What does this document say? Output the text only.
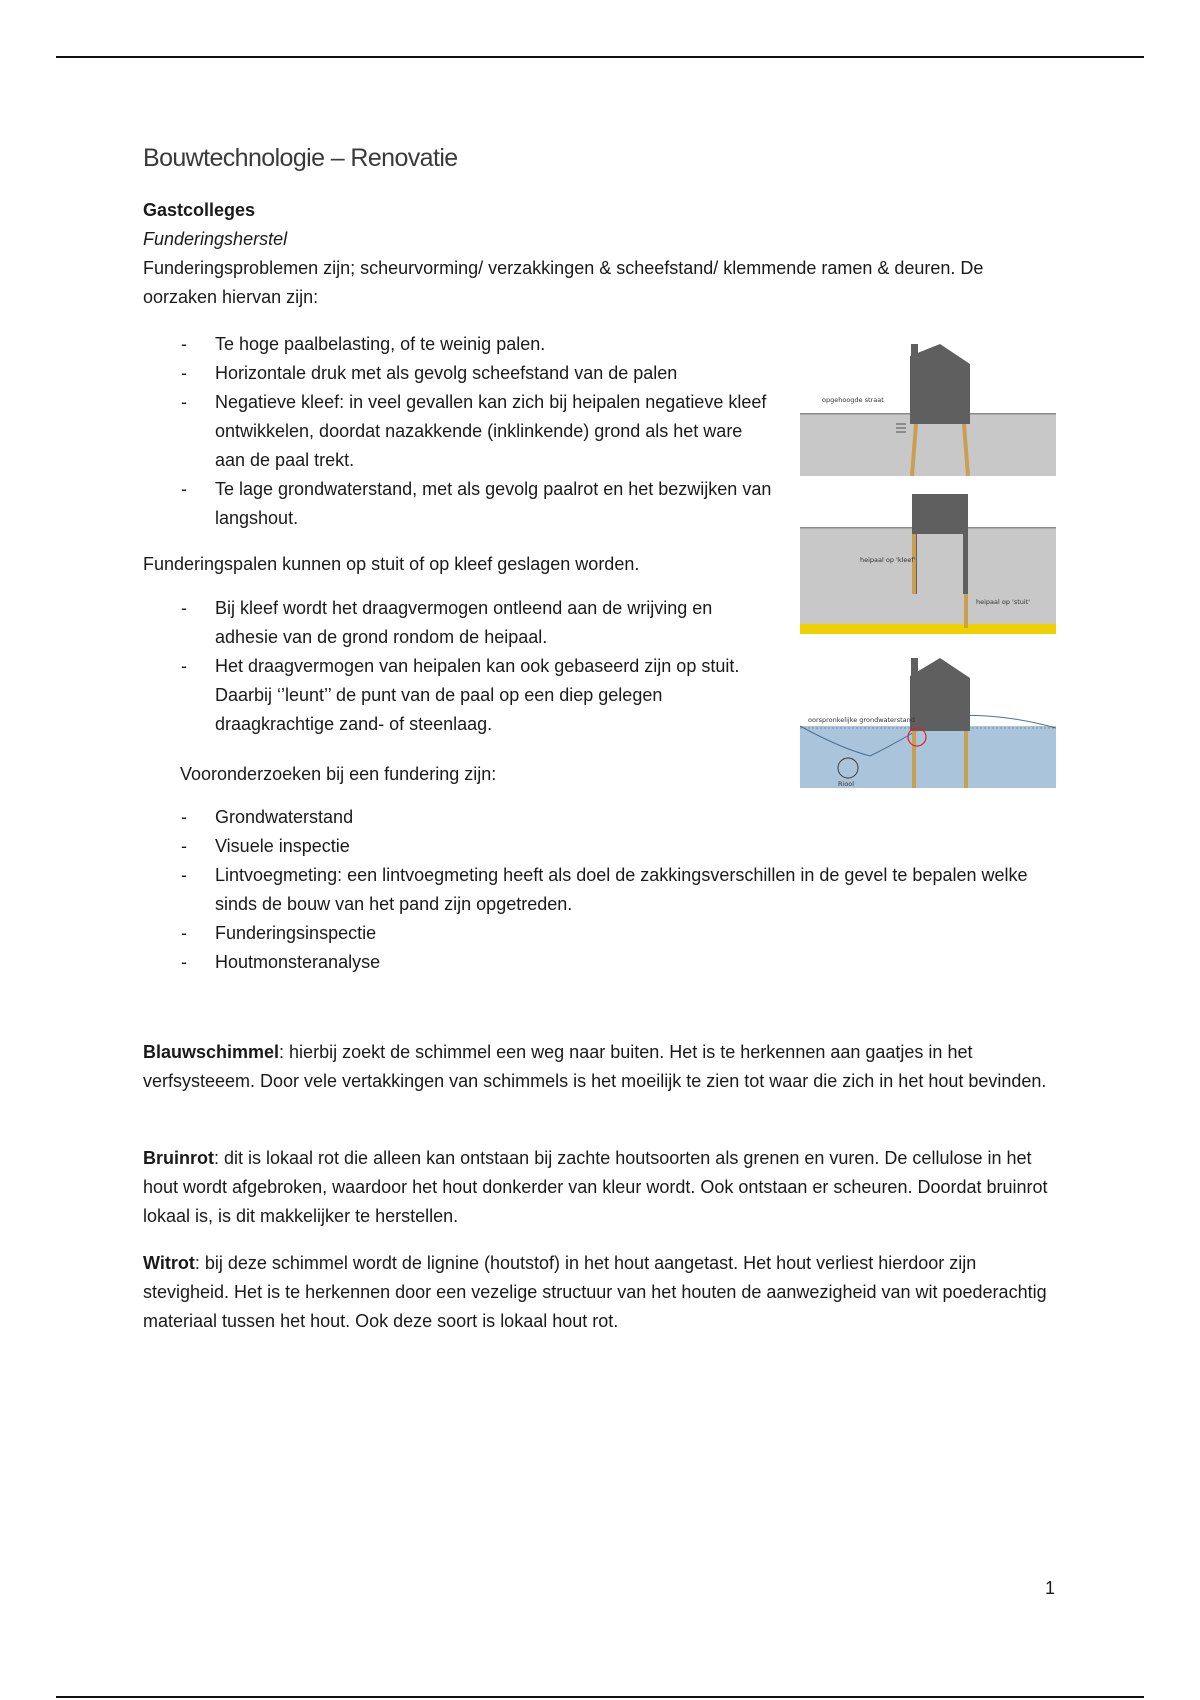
Bouwtechnologie – Renovatie

Gastcolleges

Funderingsherstel

Funderingsproblemen zijn; scheurvorming/ verzakkingen & scheefstand/ klemmende ramen & deuren. De oorzaken hiervan zijn:

- Te hoge paalbelasting, of te weinig palen.
- Horizontale druk met als gevolg scheefstand van de palen
- Negatieve kleef: in veel gevallen kan zich bij heipalen negatieve kleef ontwikkelen, doordat nazakkende (inklinkende) grond als het ware aan de paal trekt.
- Te lage grondwaterstand, met als gevolg paalrot en het bezwijken van langshout.

Funderingspalen kunnen op stuit of op kleef geslagen worden.

- Bij kleef wordt het draagvermogen ontleend aan de wrijving en adhesie van de grond rondom de heipaal.
- Het draagvermogen van heipalen kan ook gebaseerd zijn op stuit. Daarbij ‘’leunt’’ de punt van de paal op een diep gelegen draagkrachtige zand- of steenlaag.

Vooronderzoeken bij een fundering zijn:

- Grondwaterstand
- Visuele inspectie
- Lintvoegmeting: een lintvoegmeting heeft als doel de zakkingsverschillen in de gevel te bepalen welke sinds de bouw van het pand zijn opgetreden.
- Funderingsinspectie
- Houtmonsteranalyse
opgehoogde straat
heipaal op 'kleef'
heipaal op 'stuit'
oorspronkelijke grondwaterstand
Riool

Blauwschimmel: hierbij zoekt de schimmel een weg naar buiten. Het is te herkennen aan gaatjes in het verfsysteeem. Door vele vertakkingen van schimmels is het moeilijk te zien tot waar die zich in het hout bevinden.

Bruinrot: dit is lokaal rot die alleen kan ontstaan bij zachte houtsoorten als grenen en vuren. De cellulose in het hout wordt afgebroken, waardoor het hout donkerder van kleur wordt. Ook ontstaan er scheuren. Doordat bruinrot lokaal is, is dit makkelijker te herstellen.

Witrot: bij deze schimmel wordt de lignine (houtstof) in het hout aangetast. Het hout verliest hierdoor zijn stevigheid. Het is te herkennen door een vezelige structuur van het houten de aanwezigheid van wit poederachtig materiaal tussen het hout. Ook deze soort is lokaal hout rot.

1
